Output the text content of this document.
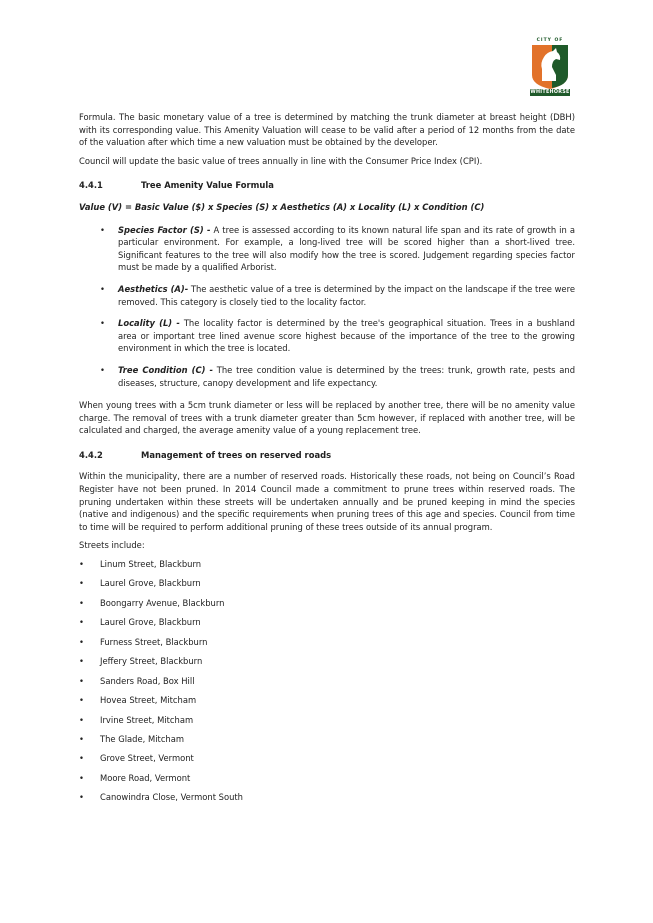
CITY OF
WHITEHORSE

Formula. The basic monetary value of a tree is determined by matching the trunk diameter at breast height (DBH) with its corresponding value. This Amenity Valuation will cease to be valid after a period of 12 months from the date of the valuation after which time a new valuation must be obtained by the developer.

Council will update the basic value of trees annually in line with the Consumer Price Index (CPI).

4.4.1	Tree Amenity Value Formula

Value (V) = Basic Value ($) x Species (S) x Aesthetics (A) x Locality (L) x Condition (C)

• Species Factor (S) - A tree is assessed according to its known natural life span and its rate of growth in a particular environment. For example, a long-lived tree will be scored higher than a short-lived tree. Significant features to the tree will also modify how the tree is scored. Judgement regarding species factor must be made by a qualified Arborist.
• Aesthetics (A)- The aesthetic value of a tree is determined by the impact on the landscape if the tree were removed. This category is closely tied to the locality factor.
• Locality (L) - The locality factor is determined by the tree's geographical situation. Trees in a bushland area or important tree lined avenue score highest because of the importance of the tree to the growing environment in which the tree is located.
• Tree Condition (C) - The tree condition value is determined by the trees: trunk, growth rate, pests and diseases, structure, canopy development and life expectancy.

When young trees with a 5cm trunk diameter or less will be replaced by another tree, there will be no amenity value charge. The removal of trees with a trunk diameter greater than 5cm however, if replaced with another tree, will be calculated and charged, the average amenity value of a young replacement tree.

4.4.2	Management of trees on reserved roads

Within the municipality, there are a number of reserved roads. Historically these roads, not being on Council’s Road Register have not been pruned. In 2014 Council made a commitment to prune trees within reserved roads. The pruning undertaken within these streets will be undertaken annually and be pruned keeping in mind the species (native and indigenous) and the specific requirements when pruning trees of this age and species. Council from time to time will be required to perform additional pruning of these trees outside of its annual program.

Streets include:

• Linum Street, Blackburn
• Laurel Grove, Blackburn
• Boongarry Avenue, Blackburn
• Laurel Grove, Blackburn
• Furness Street, Blackburn
• Jeffery Street, Blackburn
• Sanders Road, Box Hill
• Hovea Street, Mitcham
• Irvine Street, Mitcham
• The Glade, Mitcham
• Grove Street, Vermont
• Moore Road, Vermont
• Canowindra Close, Vermont South
